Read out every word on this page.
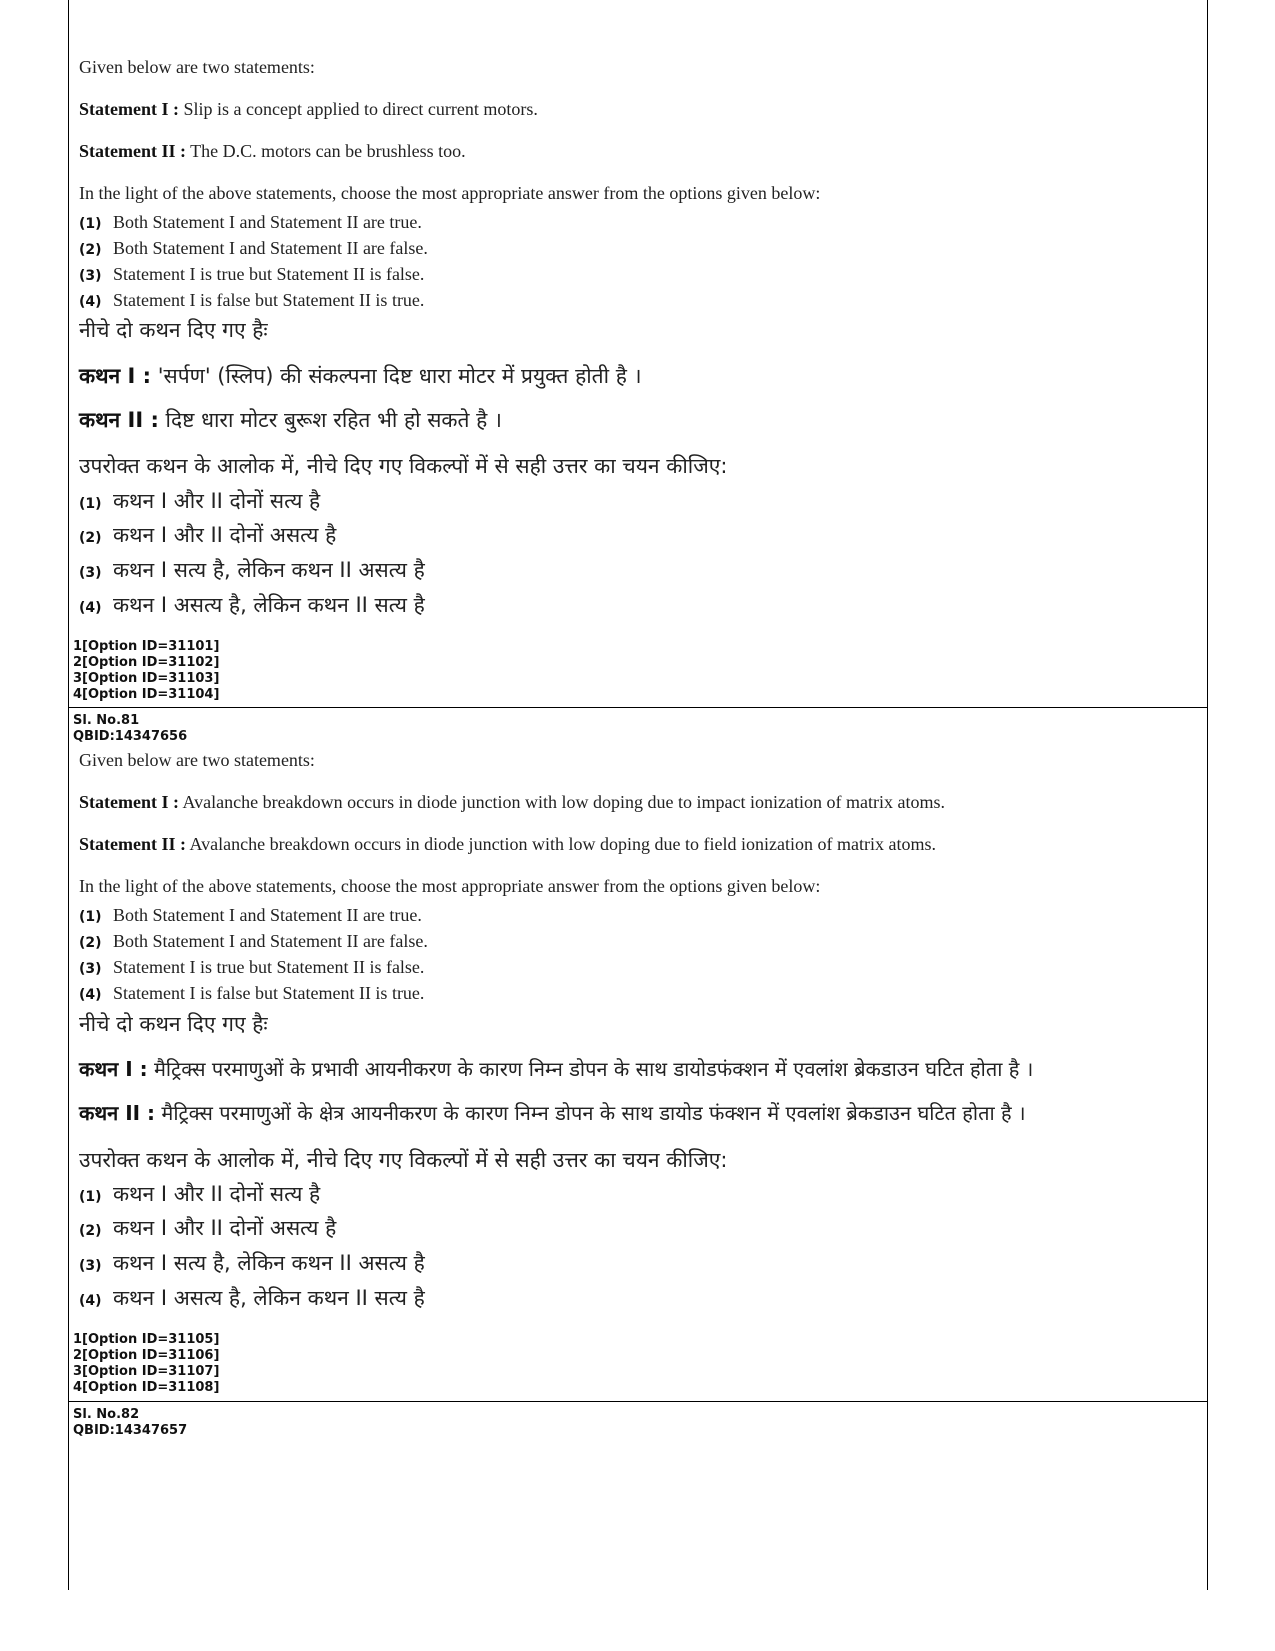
Given below are two statements:
Statement I : Slip is a concept applied to direct current motors.
Statement II : The D.C. motors can be brushless too.
In the light of the above statements, choose the most appropriate answer from the options given below:
(1) Both Statement I and Statement II are true.
(2) Both Statement I and Statement II are false.
(3) Statement I is true but Statement II is false.
(4) Statement I is false but Statement II is true.
नीचे दो कथन दिए गए हैः
कथन I : 'सर्पण' (स्लिप) की संकल्पना दिष्ट धारा मोटर में प्रयुक्त होती है ।
कथन II : दिष्ट धारा मोटर बुरूश रहित भी हो सकते है ।
उपरोक्त कथन के आलोक में, नीचे दिए गए विकल्पों में से सही उत्तर का चयन कीजिए:
(1) कथन I और II दोनों सत्य है
(2) कथन I और II दोनों असत्य है
(3) कथन I सत्य है, लेकिन कथन II असत्य है
(4) कथन I असत्य है, लेकिन कथन II सत्य है
1[Option ID=31101]
2[Option ID=31102]
3[Option ID=31103]
4[Option ID=31104]
Sl. No.81
QBID:14347656
Given below are two statements:
Statement I : Avalanche breakdown occurs in diode junction with low doping due to impact ionization of matrix atoms.
Statement II : Avalanche breakdown occurs in diode junction with low doping due to field ionization of matrix atoms.
In the light of the above statements, choose the most appropriate answer from the options given below:
(1) Both Statement I and Statement II are true.
(2) Both Statement I and Statement II are false.
(3) Statement I is true but Statement II is false.
(4) Statement I is false but Statement II is true.
नीचे दो कथन दिए गए हैः
कथन I : मैट्रिक्स परमाणुओं के प्रभावी आयनीकरण के कारण निम्न डोपन के साथ डायोडफंक्शन में एवलांश ब्रेकडाउन घटित होता है ।
कथन II : मैट्रिक्स परमाणुओं के क्षेत्र आयनीकरण के कारण निम्न डोपन के साथ डायोड फंक्शन में एवलांश ब्रेकडाउन घटित होता है ।
उपरोक्त कथन के आलोक में, नीचे दिए गए विकल्पों में से सही उत्तर का चयन कीजिए:
(1) कथन I और II दोनों सत्य है
(2) कथन I और II दोनों असत्य है
(3) कथन I सत्य है, लेकिन कथन II असत्य है
(4) कथन I असत्य है, लेकिन कथन II सत्य है
1[Option ID=31105]
2[Option ID=31106]
3[Option ID=31107]
4[Option ID=31108]
Sl. No.82
QBID:14347657
